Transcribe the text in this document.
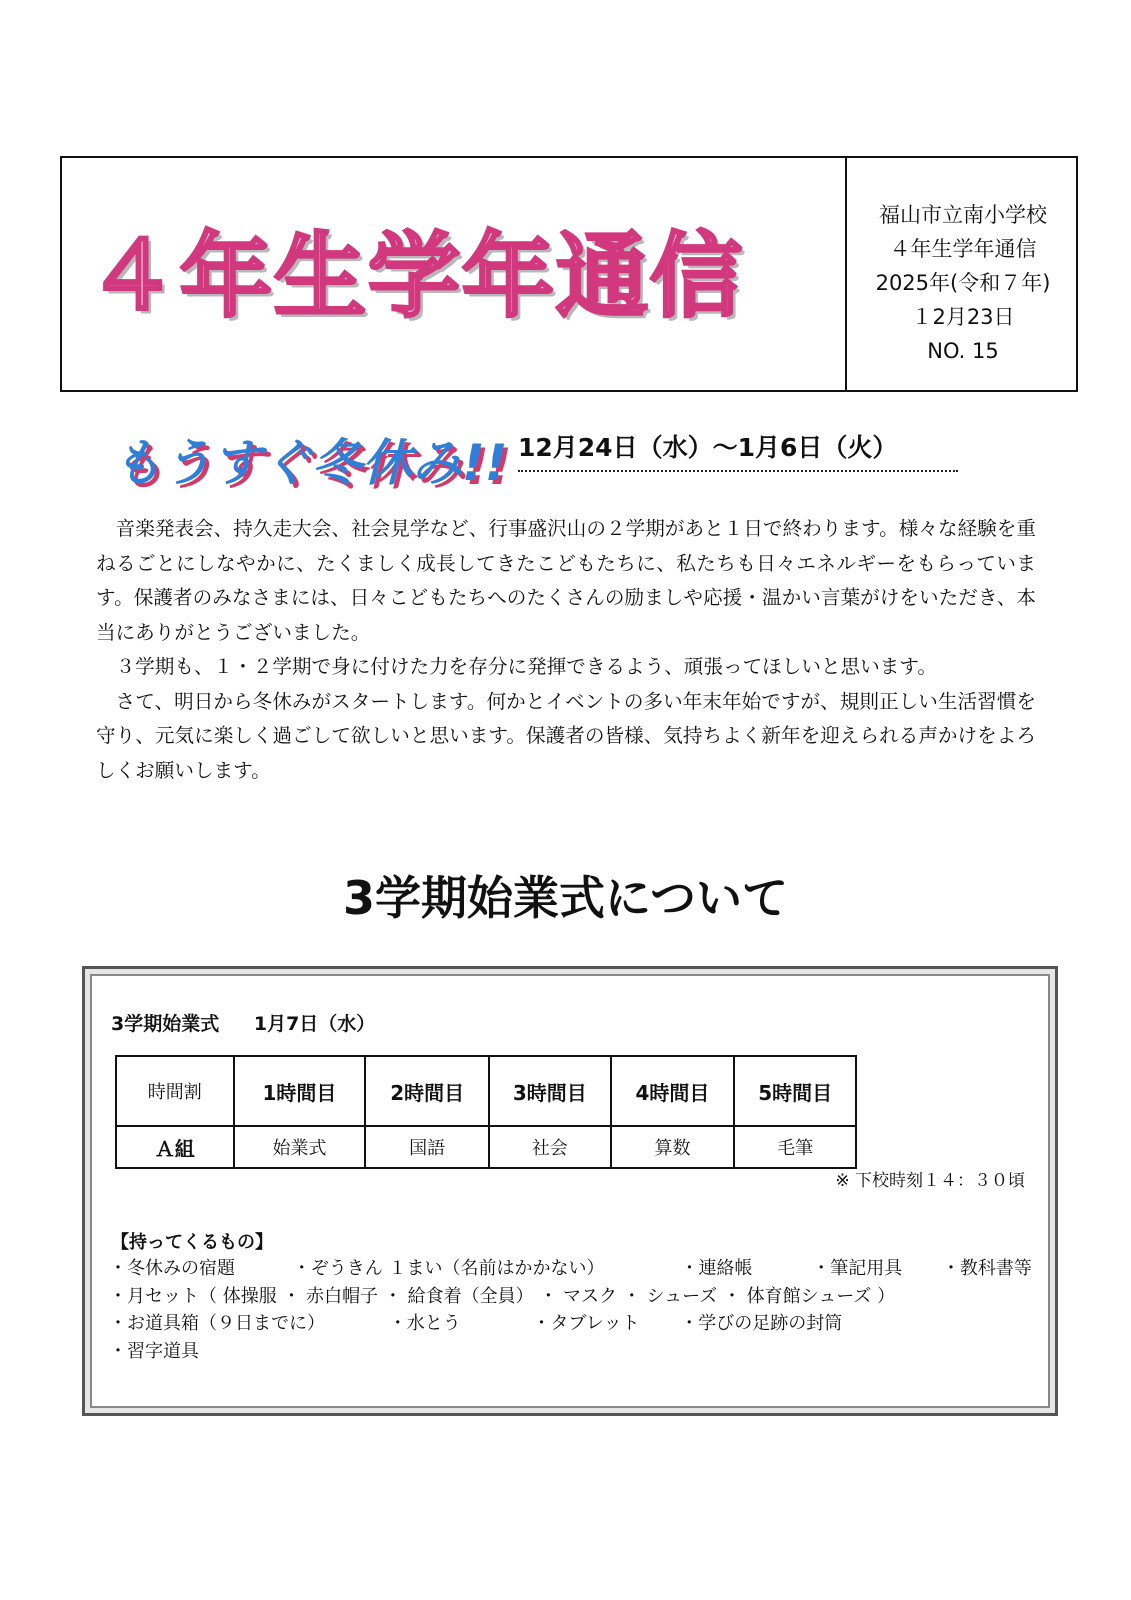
４年生学年通信
福山市立南小学校
４年生学年通信
2025年(令和７年)
１2月23日
NO. 15
もうすぐ冬休み!! 12月24日（水）～1月6日（火）

音楽発表会、持久走大会、社会見学など、行事盛沢山の２学期があと１日で終わります。様々な経験を重ねるごとにしなやかに、たくましく成長してきたこどもたちに、私たちも日々エネルギーをもらっています。保護者のみなさまには、日々こどもたちへのたくさんの励ましや応援・温かい言葉がけをいただき、本当にありがとうございました。

３学期も、１・２学期で身に付けた力を存分に発揮できるよう、頑張ってほしいと思います。

さて、明日から冬休みがスタートします。何かとイベントの多い年末年始ですが、規則正しい生活習慣を守り、元気に楽しく過ごして欲しいと思います。保護者の皆様、気持ちよく新年を迎えられる声かけをよろしくお願いします。

3学期始業式について
3学期始業式 1月7日（水）
時間割	1時間目	2時間目	3時間目	4時間目	5時間目
Ａ組	始業式	国語	社会	算数	毛筆
※ 下校時刻１４：３０頃
【持ってくるもの】
・冬休みの宿題	・ぞうきん １まい（名前はかかない）	・連絡帳	・筆記用具 ・教科書等
・月セット（ 体操服 ・ 赤白帽子 ・ 給食着（全員） ・ マスク ・ シューズ ・ 体育館シューズ ）
・お道具箱（９日までに）	・水とう	・タブレット ・学びの足跡の封筒
・習字道具
